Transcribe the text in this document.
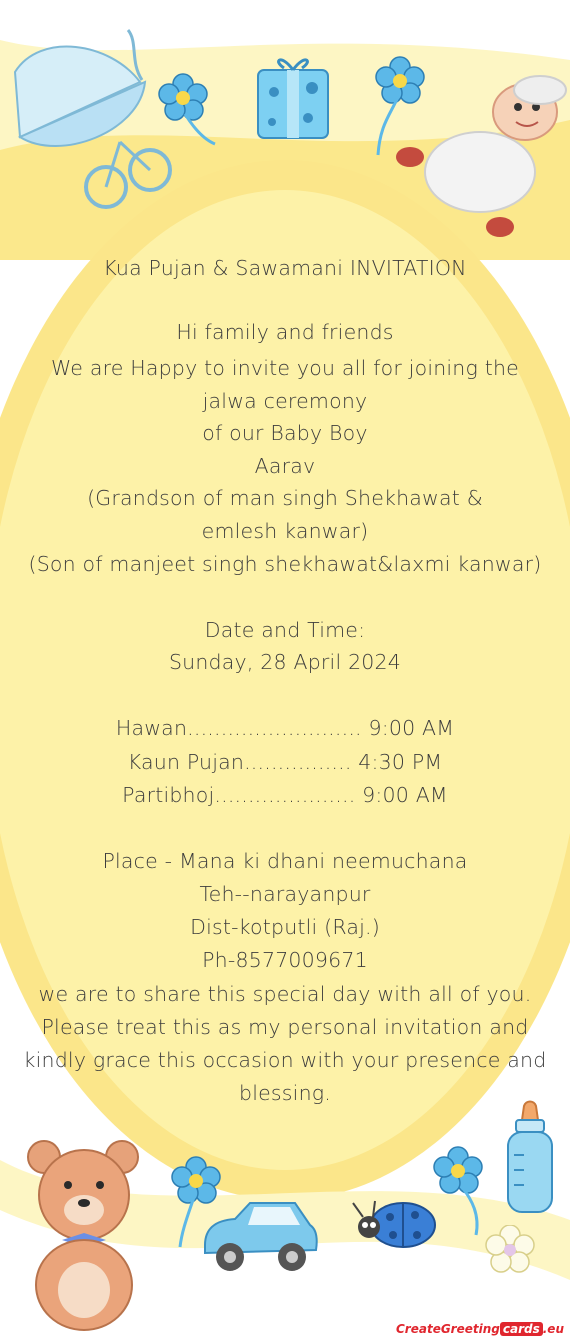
Kua Pujan & Sawamani INVITATION
Hi family and friends
We are Happy to invite you all for joining the
jalwa ceremony
of our Baby Boy
Aarav
(Grandson of man singh Shekhawat &
emlesh kanwar)
(Son of manjeet singh shekhawat&laxmi kanwar)
Date and Time:
Sunday, 28 April 2024
Hawan.......................... 9:00 AM
Kaun Pujan................ 4:30 PM
Partibhoj..................... 9:00 AM
Place - Mana ki dhani neemuchana
Teh--narayanpur
Dist-kotputli (Raj.)
Ph-8577009671
we are to share this special day with all of you.
Please treat this as my personal invitation and
kindly grace this occasion with your presence and
blessing.
CreateGreeting cards .eu
